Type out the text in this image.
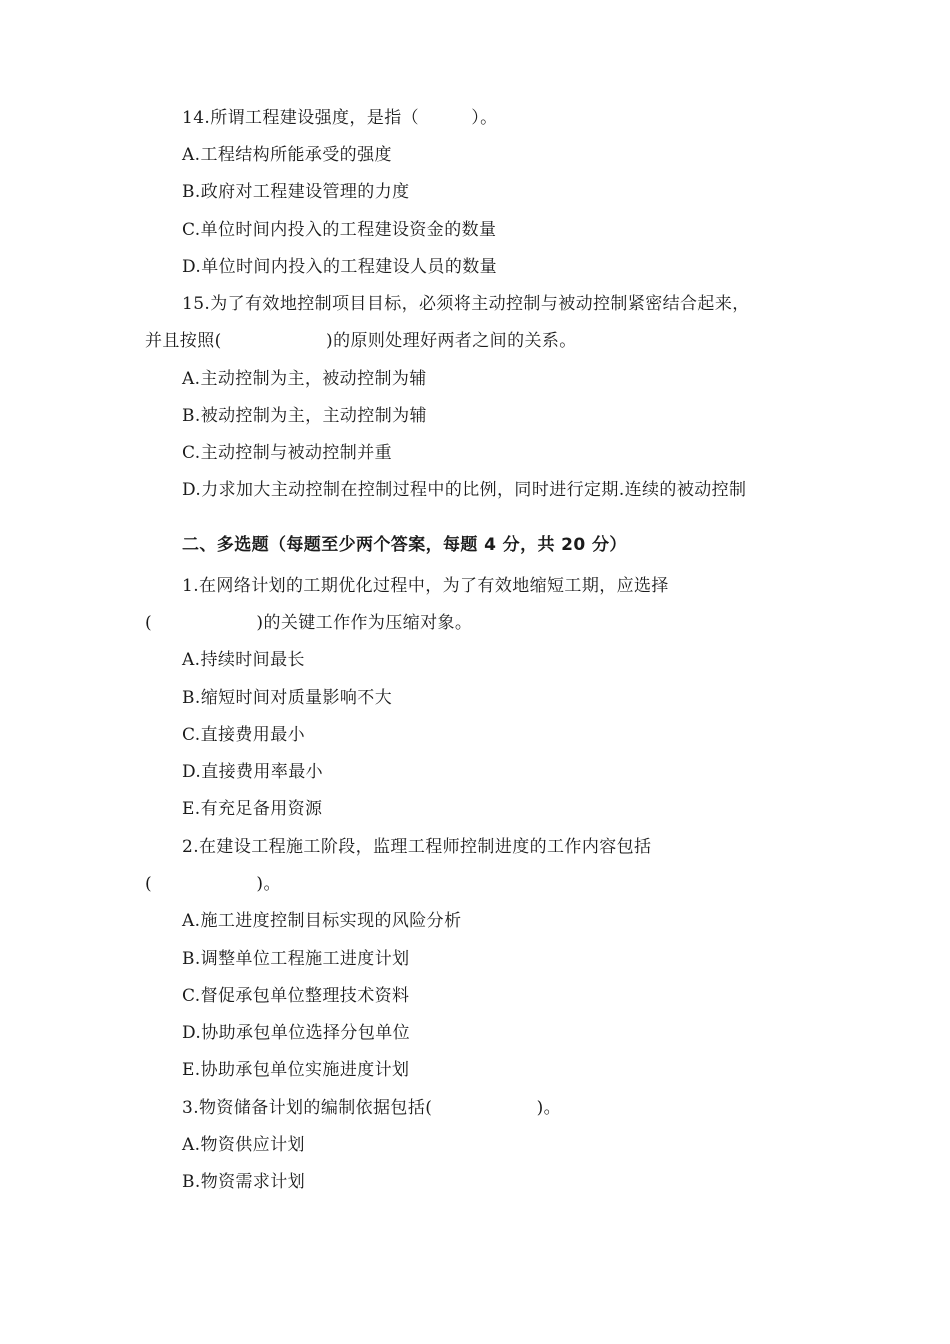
14.所谓工程建设强度，是指（　　　）。
A.工程结构所能承受的强度
B.政府对工程建设管理的力度
C.单位时间内投入的工程建设资金的数量
D.单位时间内投入的工程建设人员的数量
15.为了有效地控制项目目标，必须将主动控制与被动控制紧密结合起来，
并且按照(　　　　　　)的原则处理好两者之间的关系。
A.主动控制为主，被动控制为辅
B.被动控制为主，主动控制为辅
C.主动控制与被动控制并重
D.力求加大主动控制在控制过程中的比例，同时进行定期.连续的被动控制
二、多选题（每题至少两个答案，每题 4 分，共 20 分）
1.在网络计划的工期优化过程中，为了有效地缩短工期，应选择
(　　　　　　)的关键工作作为压缩对象。
A.持续时间最长
B.缩短时间对质量影响不大
C.直接费用最小
D.直接费用率最小
E.有充足备用资源
2.在建设工程施工阶段，监理工程师控制进度的工作内容包括
(　　　　　　)。
A.施工进度控制目标实现的风险分析
B.调整单位工程施工进度计划
C.督促承包单位整理技术资料
D.协助承包单位选择分包单位
E.协助承包单位实施进度计划
3.物资储备计划的编制依据包括(　　　　　　)。
A.物资供应计划
B.物资需求计划
